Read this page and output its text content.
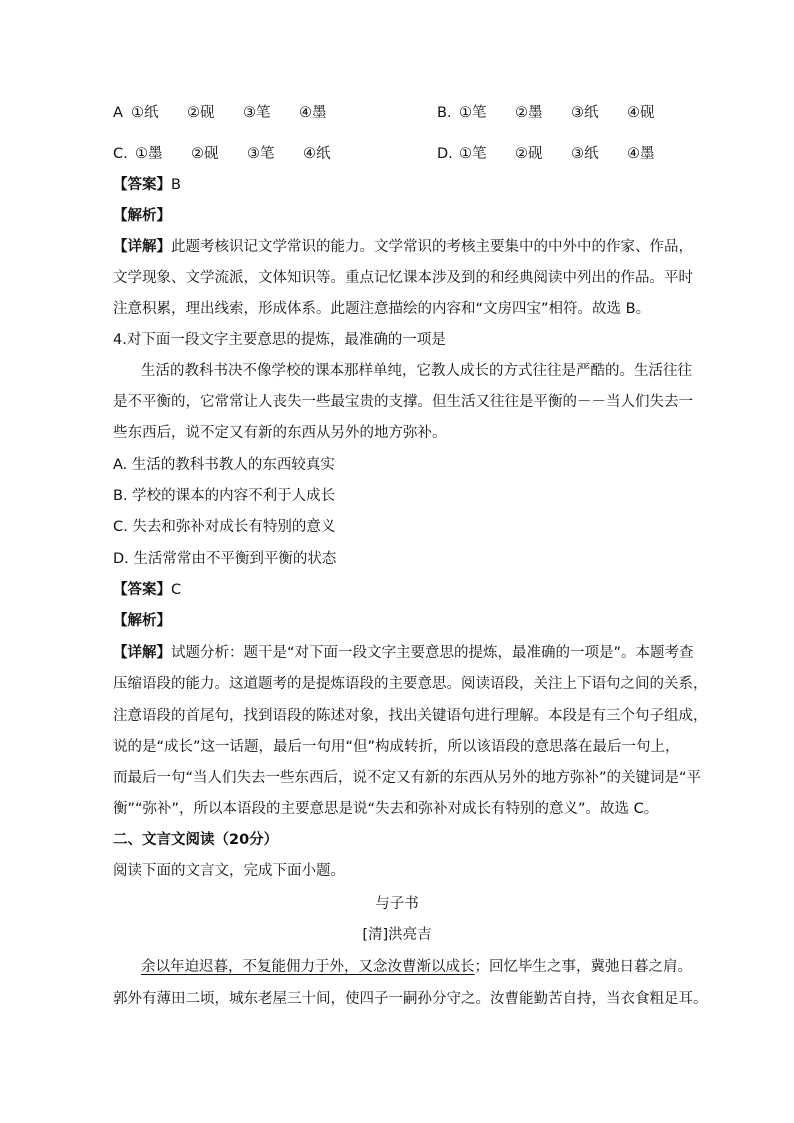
A ①纸 ②砚 ③笔 ④墨	B. ①笔 ②墨 ③纸 ④砚
C. ①墨 ②砚 ③笔 ④纸	D. ①笔 ②砚 ③纸 ④墨
【答案】B
【解析】
【详解】此题考核识记文学常识的能力。文学常识的考核主要集中的中外中的作家、作品，
文学现象、文学流派，文体知识等。重点记忆课本涉及到的和经典阅读中列出的作品。平时
注意积累，理出线索，形成体系。此题注意描绘的内容和“文房四宝”相符。故选 B。
4.对下面一段文字主要意思的提炼，最准确的一项是
生活的教科书决不像学校的课本那样单纯，它教人成长的方式往往是严酷的。生活往往
是不平衡的，它常常让人丧失一些最宝贵的支撑。但生活又往往是平衡的－－当人们失去一
些东西后，说不定又有新的东西从另外的地方弥补。
A. 生活的教科书教人的东西较真实
B. 学校的课本的内容不利于人成长
C. 失去和弥补对成长有特别的意义
D. 生活常常由不平衡到平衡的状态
【答案】C
【解析】
【详解】试题分析：题干是“对下面一段文字主要意思的提炼，最准确的一项是”。本题考查
压缩语段的能力。这道题考的是提炼语段的主要意思。阅读语段，关注上下语句之间的关系，
注意语段的首尾句，找到语段的陈述对象，找出关键语句进行理解。本段是有三个句子组成，
说的是“成长”这一话题，最后一句用“但”构成转折，所以该语段的意思落在最后一句上，
而最后一句“当人们失去一些东西后，说不定又有新的东西从另外的地方弥补”的关键词是“平
衡”“弥补”，所以本语段的主要意思是说“失去和弥补对成长有特别的意义”。故选 C。
二、文言文阅读（20分）
阅读下面的文言文，完成下面小题。
与子书
[清]洪亮吉
余以年迫迟暮，不复能佣力于外，又念汝曹渐以成长；回忆毕生之事，冀弛日暮之肩。
郭外有薄田二顷，城东老屋三十间，使四子一嗣孙分守之。汝曹能勤苦自持，当衣食粗足耳。
